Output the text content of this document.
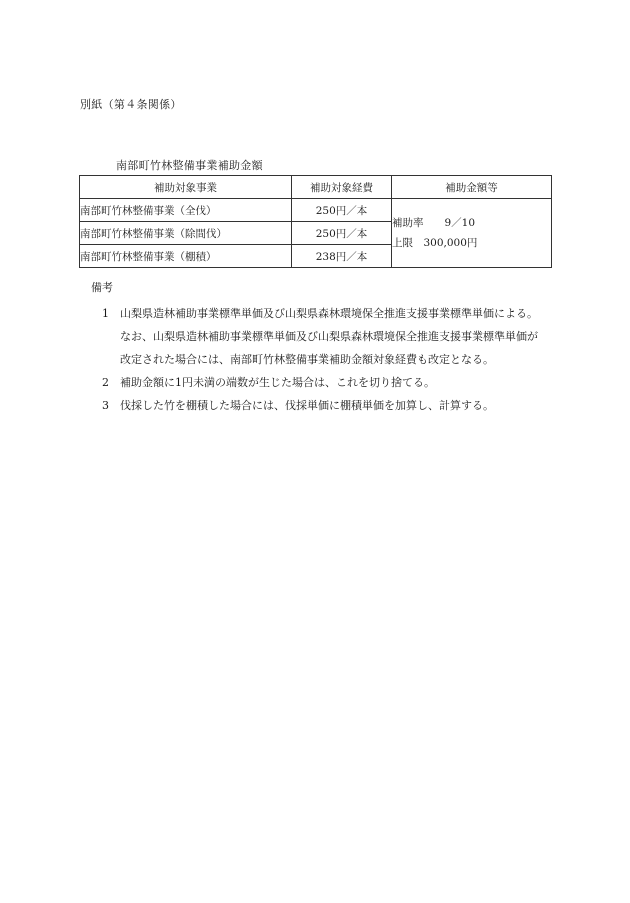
別紙（第４条関係）
南部町竹林整備事業補助金額
補助対象事業	補助対象経費	補助金額等
南部町竹林整備事業（全伐）	250円／本	補助率　　9／10
上限　300,000円

南部町竹林整備事業（除間伐）	250円／本	
南部町竹林整備事業（棚積）	238円／本	
備考
1 山梨県造林補助事業標準単価及び山梨県森林環境保全推進支援事業標準単価による。
なお、山梨県造林補助事業標準単価及び山梨県森林環境保全推進支援事業標準単価が
改定された場合には、南部町竹林整備事業補助金額対象経費も改定となる。
2 補助金額に1円未満の端数が生じた場合は、これを切り捨てる。
3 伐採した竹を棚積した場合には、伐採単価に棚積単価を加算し、計算する。
